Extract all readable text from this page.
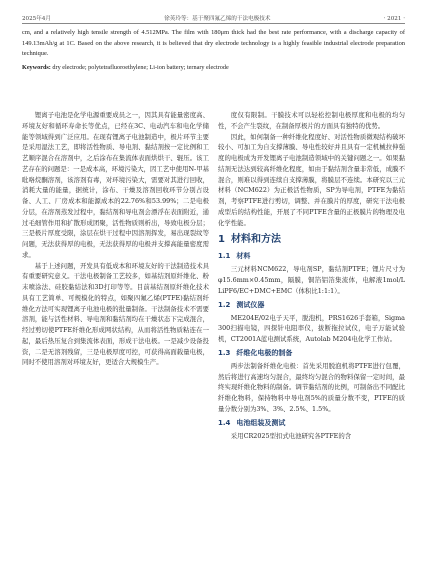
2025年4月	徐英玲等：基于聚四氟乙烯的干法电极技术	· 2021 ·

cm, and a relatively high tensile strength of 4.512MPa. The film with 180μm thick had the best rate performance, with a discharge capacity of 149.13mAh/g at 1C. Based on the above research, it is believed that dry electrode technology is a highly feasible industrial electrode preparation technique.

Keywords: dry electrode; polytetrafluoroethylene; Li-ion battery; ternary electrode

锂离子电池是化学电源重要成员之一，因其具有能量密度高、环境友好和循环寿命长等优点，已经在3C、电动汽车和电化学储能等领域得到广泛应用。在现有锂离子电池制造中，极片环节主要是采用湿法工艺，即将活性物质、导电剂、黏结剂按一定比例和工艺顺序混合在溶剂中，之后涂布在集流体表面烘烘干、辊压。该工艺存在的问题是：一是成本高，环境污染大，因工艺中使用N-甲基吡咯烷酮溶剂，该溶剂有毒，对环境污染大，需要对其进行回收，消耗大量的能量，据统计，涂布、干燥及溶剂回收环节分别占设备、人工、厂房成本和能源成本的22.76%和53.99%；二是电极分层，在溶剂蒸发过程中，黏结剂和导电剂会漂浮在表面附近，通过毛细管作用和扩散形成团聚，活性物质则析出，导致电极分层；三是极片厚度受限，涂层在烘干过程中因溶剂挥发，易出现裂纹等问题，无法获得厚的电极，无法获得厚的电极并支撑高能量密度需求。

基于上述问题，开发具有低成本和环境友好的干法制造技术具有重要研究意义。干法电极制备工艺较多，如基结剂原纤维化、粉末喷涂法、硅胶黏結法和3D打印等等。目前基结剂原纤维化技术具有工艺简单、可规模化的特点，如聚四氟乙烯(PTFE)黏结剂纤维化方法可实现锂离子电池电极的批量制备。干法制备技术不需要溶剂，能与活性材料、导电剂和黏结剂均在干燥状态下完成混合，经过剪切使PTFE纤维化形成网状结构，从而将活性物质粘连在一起，最后热压复合到集流体表面，形成干法电极。一是减少设备投资，二是无溶剂残留，三是电极厚度可控，可获得高面载量电极，同时不使用溶剂对环境友好，更适合大规模生产。

度仅有限制。干膜技术可以轻松控制电极厚度和电极的均匀性，不会产生裂纹，在制备厚极片的方面具有独特的优势。

因此，如何制备一种纤维化程度好、对活性物质微观结构破坏较小、可加工为自支撑薄膜、导电性较好并且具有一定机械拉伸强度的电极成为开发锂离子电池制造领域中的关键问题之一。如果黏结剂无法达到较高纤维化程度，如由于黏结剂含量非常低，成膜不混合，则难以得到连续自支撑薄膜，将膜层不连续。本研究以三元材料（NCM622）为正极活性物质，SP为导电剂，PTFE为黏结剂，考察PTFE进行剪切，调整、并在膜片的厚度，研究干法电极成型后的结构性能，开展了不同PTFE含量的正极膜片的物理及电化学性能。

1 材料和方法
1.1 材料

三元材料NCM622，导电剂SP，黏结剂PTFE；锂片尺寸为φ15.6mm×0.45mm，隔膜，铜箔铝箔集流体，电解液1mol/L LiPF6/EC+DMC+EMC（体积比1:1:1）。

1.2 测试仪器

ME204E/02电子天平，脱泡机，PRS1626手套箱，Sigma 300扫描电镜，四探针电阻率仪，拔断拖拉试仪，电子万能试验机，CT2001A蓝电测试系统，Autolab M204电化学工作站。

1.3 纤维化电极的制备

两步法制备纤维化电极：首先采用脱泡机将PTFE进行包覆，然后将进行高速均匀混合，最终均匀混合的物料保留一定时间，最终实现纤维化物料的制备。调节黏结剂的比例，可制备出不同配比纤维化物料，保持物料中导电剂5%的质量分数不变，PTFE的质量分数分别为3%、3%、2.5%、1.5%。

1.4 电池组装及测试

采用CR2025型扣式电池研究各PTFE的含
